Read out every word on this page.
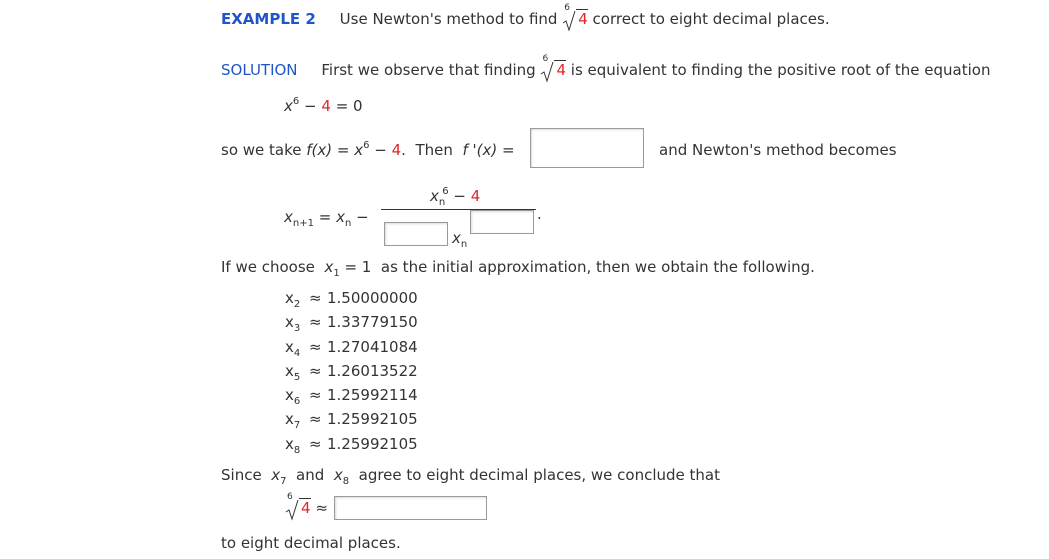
EXAMPLE 2 Use Newton's method to find
6
4 correct to eight decimal places.
SOLUTION First we observe that finding
6
4 is equivalent to finding the positive root of the equation
$x^6 - 4 = 0$
so we take $f(x) = x^6 - 4$. Then f '(x) =	and Newton's method becomes
$x_{n+1} = x_n$ −
$x_n^6 - 4$
.
$x_n$
If we choose $x_1 = 1$ as the initial approximation, then we obtain the following.
$x_2 \approx 1.50000000$
$x_3 \approx 1.33779150$
$x_4 \approx 1.27041084$
$x_5 \approx 1.26013522$
$x_6 \approx 1.25992114$
$x_7 \approx 1.25992105$
$x_8 \approx 1.25992105$
Since $x_7$ and $x_8$ agree to eight decimal places, we conclude that
6
4 ≈
to eight decimal places.
